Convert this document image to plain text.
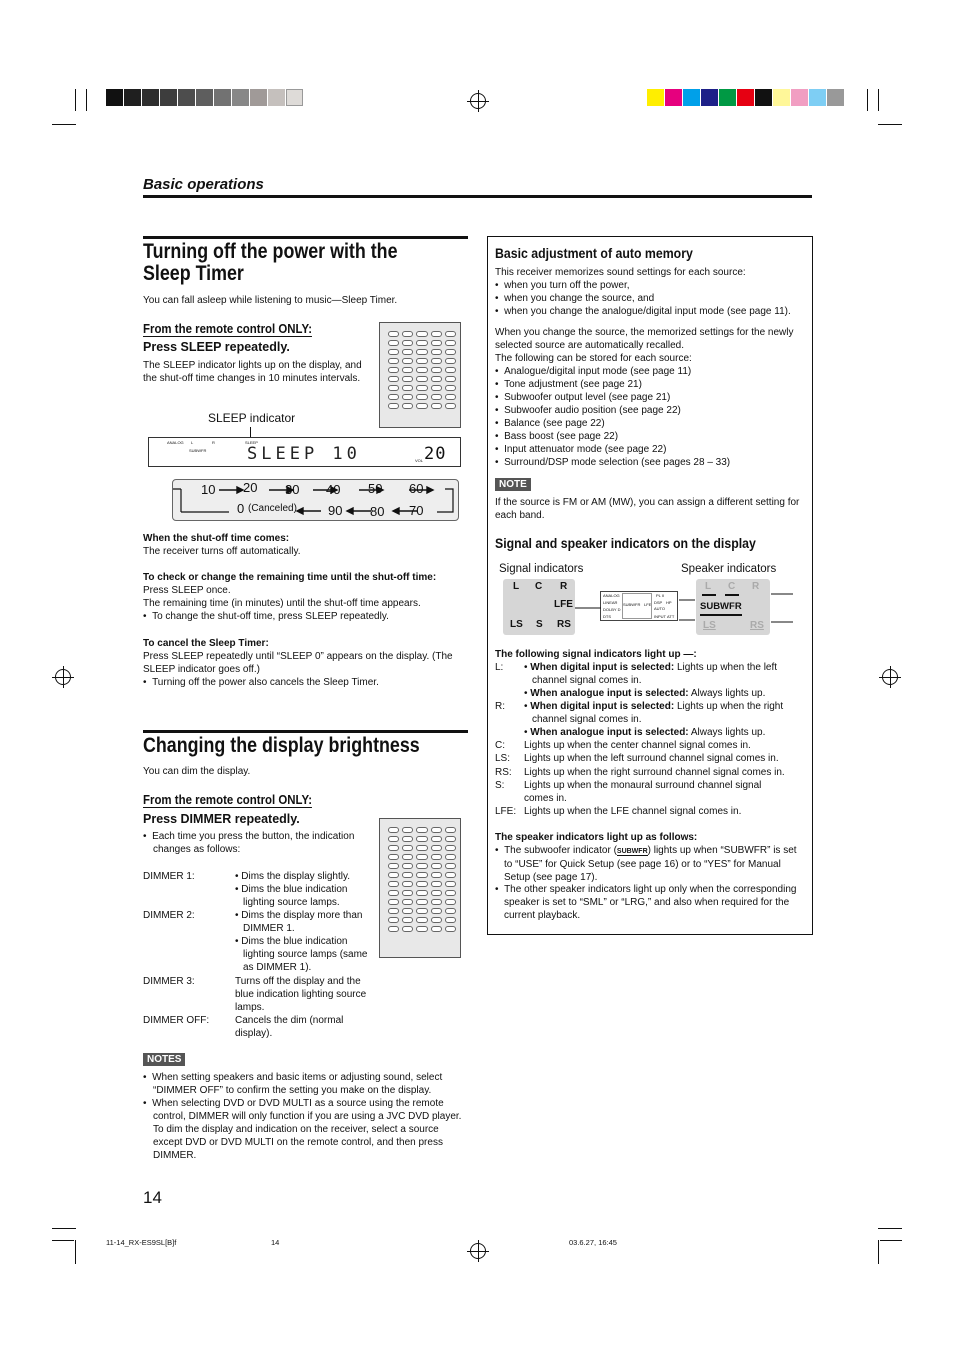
Basic operations
Turning off the power with the Sleep Timer
You can fall asleep while listening to music—Sleep Timer.
From the remote control ONLY:
Press SLEEP repeatedly.
The SLEEP indicator lights up on the display, and the shut-off time changes in 10 minutes intervals.
SLEEP indicator
ANALOG L	R	SLEEP
SUBWFR SLEEP 10	VOL 20
10 20 30 40 50 60
0 (Canceled) 90 80 70
When the shut-off time comes:
The receiver turns off automatically.
To check or change the remaining time until the shut-off time:
Press SLEEP once.
The remaining time (in minutes) until the shut-off time appears.
•  To change the shut-off time, press SLEEP repeatedly.
To cancel the Sleep Timer:
Press SLEEP repeatedly until “SLEEP 0” appears on the display. (The SLEEP indicator goes off.)
•  Turning off the power also cancels the Sleep Timer.
Changing the display brightness
You can dim the display.
From the remote control ONLY:
Press DIMMER repeatedly.
•  Each time you press the button, the indication changes as follows:
DIMMER 1:	• Dims the display slightly.
• Dims the blue indication lighting source lamps.
DIMMER 2:	• Dims the display more than DIMMER 1.
• Dims the blue indication lighting source lamps (same as DIMMER 1).
DIMMER 3:	Turns off the display and the blue indication lighting source lamps.
DIMMER OFF:	Cancels the dim (normal display).
NOTES
•  When setting speakers and basic items or adjusting sound, select “DIMMER OFF” to confirm the setting you make on the display.
•  When selecting DVD or DVD MULTI as a source using the remote control, DIMMER will only function if you are using a JVC DVD player. To dim the display and indication on the receiver, select a source except DVD or DVD MULTI on the remote control, and then press DIMMER.
Basic adjustment of auto memory
This receiver memorizes sound settings for each source:
•  when you turn off the power,
•  when you change the source, and
•  when you change the analogue/digital input mode (see page 11).
When you change the source, the memorized settings for the newly selected source are automatically recalled.
The following can be stored for each source:
•  Analogue/digital input mode (see page 11)
•  Tone adjustment (see page 21)
•  Subwoofer output level (see page 21)
•  Subwoofer audio position (see page 22)
•  Balance (see page 22)
•  Bass boost (see page 22)
•  Input attenuator mode (see page 22)
•  Surround/DSP mode selection (see pages 28 – 33)
NOTE
If the source is FM or AM (MW), you can assign a different setting for each band.
Signal and speaker indicators on the display
Signal indicators	Speaker indicators
L C R
LFE
LS S RS
ANALOG
LINEAR
DOLBY D
DTS
PL II
DSP HP
AUTO
INPUT ATT
SUBWFR LFE
L C R
SUBWFR
LS	RS
The following signal indicators light up —:
L: • When digital input is selected: Lights up when the left channel signal comes in.
• When analogue input is selected: Always lights up.
R: • When digital input is selected: Lights up when the right channel signal comes in.
• When analogue input is selected: Always lights up.
C: Lights up when the center channel signal comes in.
LS: Lights up when the left surround channel signal comes in.
RS: Lights up when the right surround channel signal comes in.
S: Lights up when the monaural surround channel signal comes in.
LFE: Lights up when the LFE channel signal comes in.
The speaker indicators light up as follows:
•  The subwoofer indicator (SUBWFR) lights up when “SUBWFR” is set to “USE” for Quick Setup (see page 16) or to “YES” for Manual Setup (see page 17).
•  The other speaker indicators light up only when the corresponding speaker is set to “SML” or “LRG,” and also when required for the current playback.
14
11-14_RX-ES9SL[B]f	14	03.6.27, 16:45
